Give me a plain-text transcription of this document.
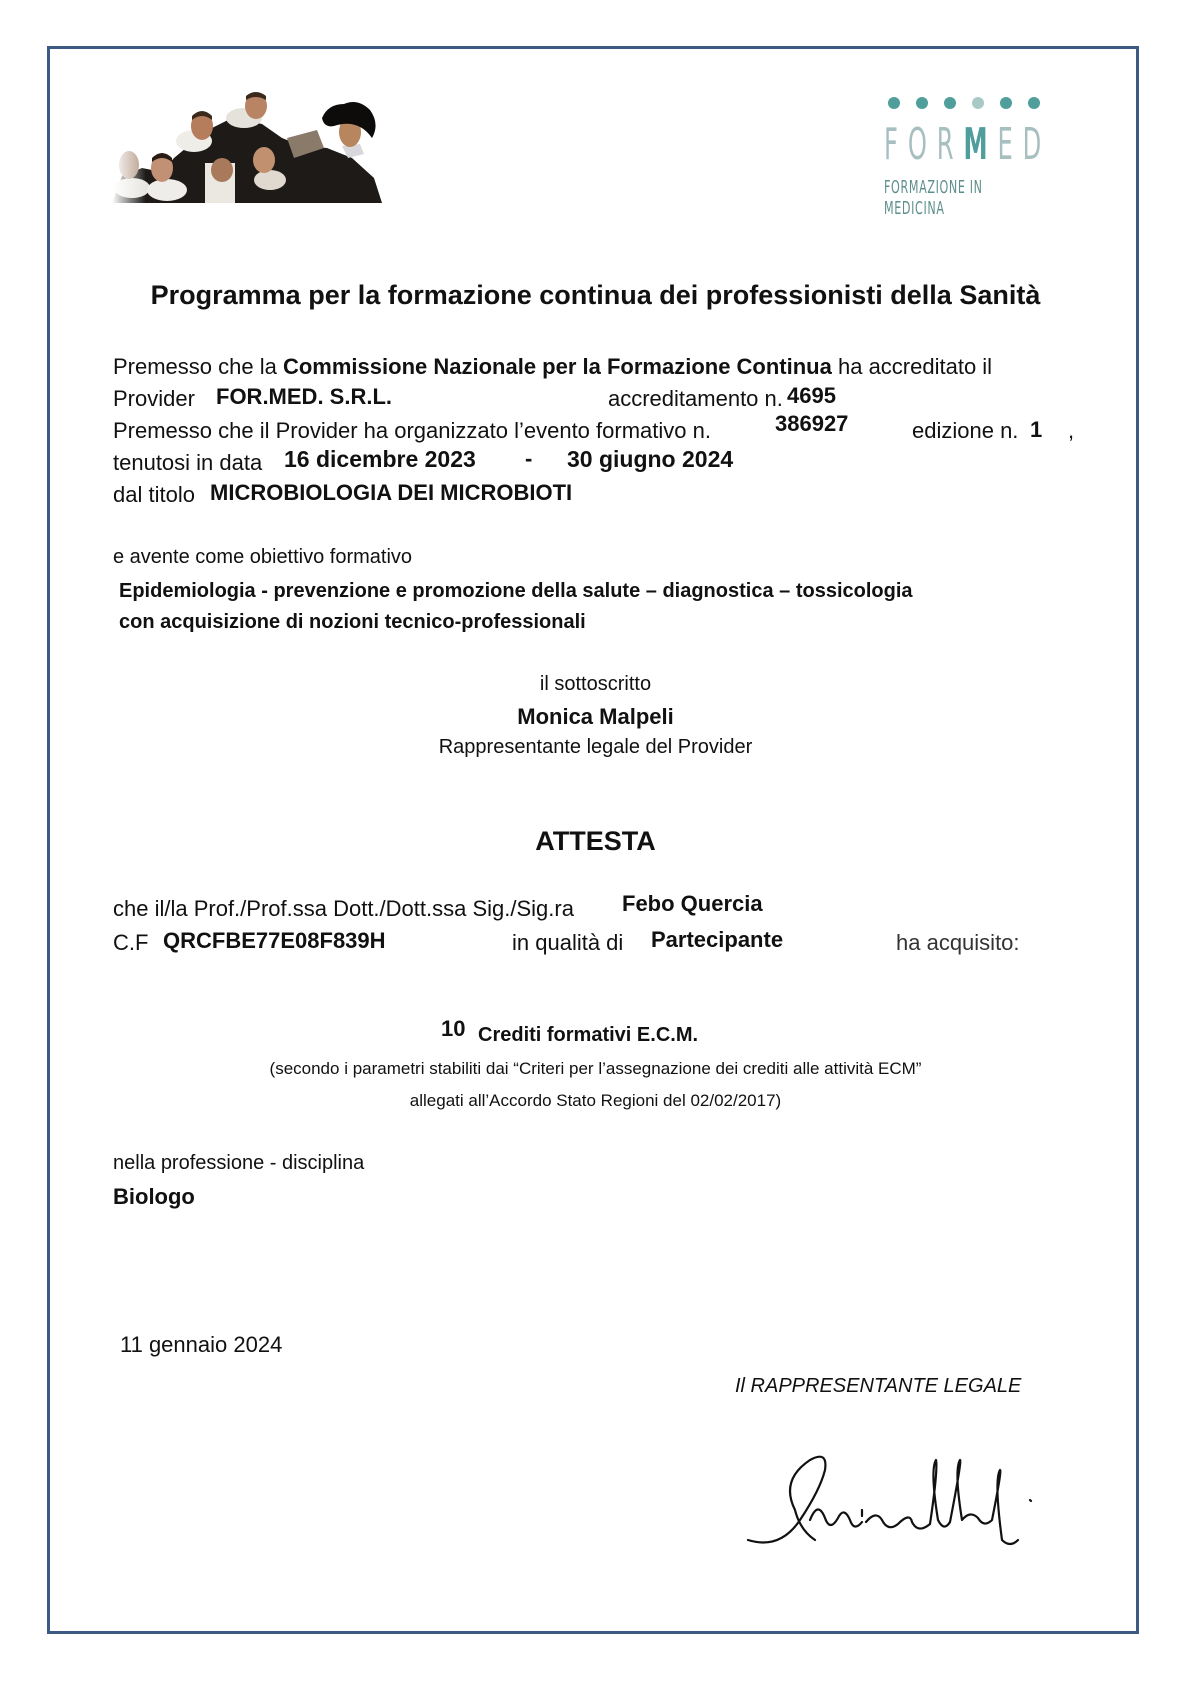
FORMED
FORMAZIONE IN MEDICINA
Programma per la formazione continua dei professionisti della Sanità
Premesso che la Commissione Nazionale per la Formazione Continua ha accreditato il
Provider FOR.MED. S.R.L.	accreditamento n. 4695
Premesso che il Provider ha organizzato l’evento formativo n.	386927	edizione n. 1 ,
tenutosi in data 16 dicembre 2023 - 30 giugno 2024
dal titolo MICROBIOLOGIA DEI MICROBIOTI
e avente come obiettivo formativo
Epidemiologia - prevenzione e promozione della salute – diagnostica – tossicologia
con acquisizione di nozioni tecnico-professionali
il sottoscritto
Monica Malpeli
Rappresentante legale del Provider
ATTESTA
che il/la Prof./Prof.ssa Dott./Dott.ssa Sig./Sig.ra Febo Quercia
C.F QRCFBE77E08F839H	in qualità di Partecipante	ha acquisito:
10 Crediti formativi E.C.M.
(secondo i parametri stabiliti dai “Criteri per l’assegnazione dei crediti alle attività ECM”
allegati all’Accordo Stato Regioni del 02/02/2017)
nella professione - disciplina
Biologo
11 gennaio 2024
Il RAPPRESENTANTE LEGALE
